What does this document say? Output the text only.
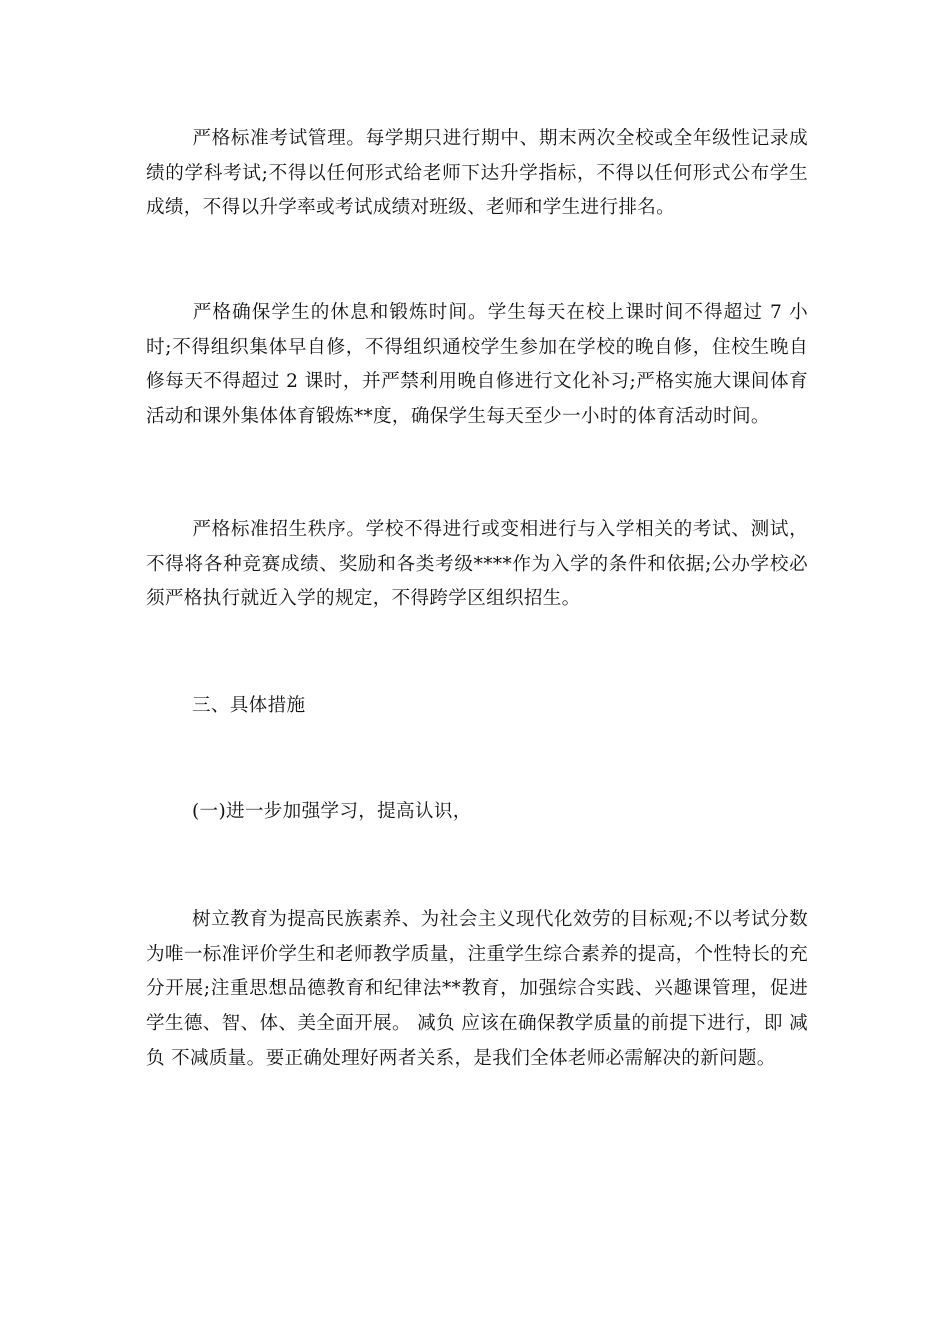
严格标准考试管理。每学期只进行期中、期末两次全校或全年级性记录成绩的学科考试;不得以任何形式给老师下达升学指标，不得以任何形式公布学生成绩，不得以升学率或考试成绩对班级、老师和学生进行排名。

严格确保学生的休息和锻炼时间。学生每天在校上课时间不得超过 7 小时;不得组织集体早自修，不得组织通校学生参加在学校的晚自修，住校生晚自修每天不得超过 2 课时，并严禁利用晚自修进行文化补习;严格实施大课间体育活动和课外集体体育锻炼**度，确保学生每天至少一小时的体育活动时间。

严格标准招生秩序。学校不得进行或变相进行与入学相关的考试、测试，不得将各种竞赛成绩、奖励和各类考级****作为入学的条件和依据;公办学校必须严格执行就近入学的规定，不得跨学区组织招生。

三、具体措施

(一)进一步加强学习，提高认识，

树立教育为提高民族素养、为社会主义现代化效劳的目标观;不以考试分数为唯一标准评价学生和老师教学质量，注重学生综合素养的提高，个性特长的充分开展;注重思想品德教育和纪律法**教育，加强综合实践、兴趣课管理，促进学生德、智、体、美全面开展。 减负 应该在确保教学质量的前提下进行，即 减负 不减质量。要正确处理好两者关系，是我们全体老师必需解决的新问题。
